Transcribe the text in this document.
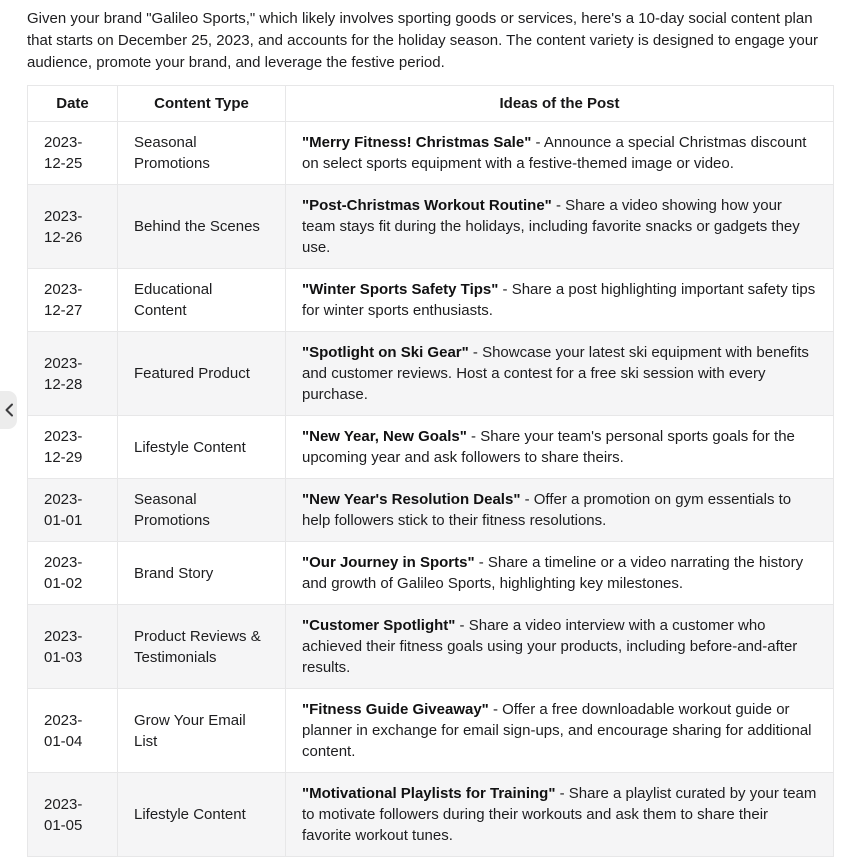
Given your brand "Galileo Sports," which likely involves sporting goods or services, here's a 10-day social content plan that starts on December 25, 2023, and accounts for the holiday season. The content variety is designed to engage your audience, promote your brand, and leverage the festive period.

Date	Content Type	Ideas of the Post
2023-12-25	Seasonal Promotions	"Merry Fitness! Christmas Sale" - Announce a special Christmas discount on select sports equipment with a festive-themed image or video.
2023-12-26	Behind the Scenes	"Post-Christmas Workout Routine" - Share a video showing how your team stays fit during the holidays, including favorite snacks or gadgets they use.
2023-12-27	Educational Content	"Winter Sports Safety Tips" - Share a post highlighting important safety tips for winter sports enthusiasts.
2023-12-28	Featured Product	"Spotlight on Ski Gear" - Showcase your latest ski equipment with benefits and customer reviews. Host a contest for a free ski session with every purchase.
2023-12-29	Lifestyle Content	"New Year, New Goals" - Share your team's personal sports goals for the upcoming year and ask followers to share theirs.
2023-01-01	Seasonal Promotions	"New Year's Resolution Deals" - Offer a promotion on gym essentials to help followers stick to their fitness resolutions.
2023-01-02	Brand Story	"Our Journey in Sports" - Share a timeline or a video narrating the history and growth of Galileo Sports, highlighting key milestones.
2023-01-03	Product Reviews & Testimonials	"Customer Spotlight" - Share a video interview with a customer who achieved their fitness goals using your products, including before-and-after results.
2023-01-04	Grow Your Email List	"Fitness Guide Giveaway" - Offer a free downloadable workout guide or planner in exchange for email sign-ups, and encourage sharing for additional content.
2023-01-05	Lifestyle Content	"Motivational Playlists for Training" - Share a playlist curated by your team to motivate followers during their workouts and ask them to share their favorite workout tunes.
